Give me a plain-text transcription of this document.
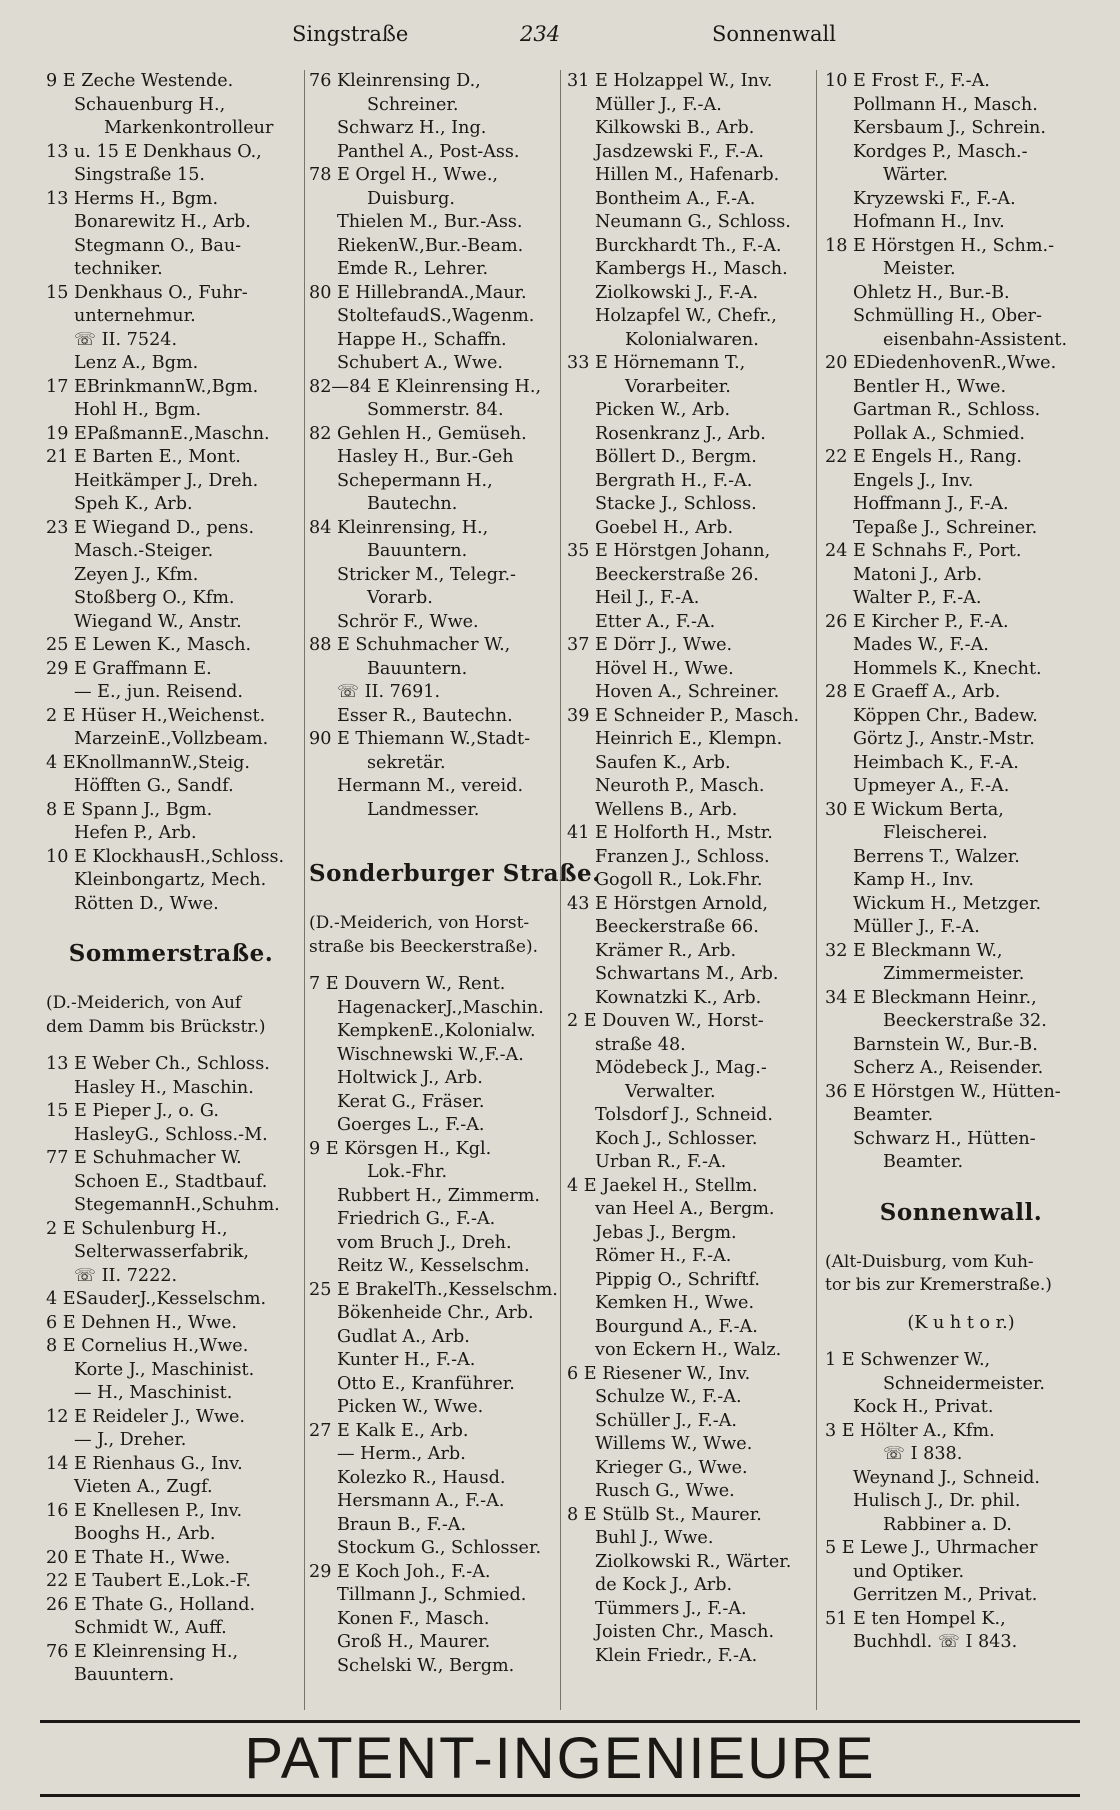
Singstraße	234	Sonnenwall
9 E Zeche Westende.
Schauenburg H.,
Markenkontrolleur
13 u. 15 E Denkhaus O.,
Singstraße 15.
13 Herms H., Bgm.
Bonarewitz H., Arb.
Stegmann O., Bau-
techniker.
15 Denkhaus O., Fuhr-
unternehmur.
☏ II. 7524.
Lenz A., Bgm.
17 EBrinkmannW.,Bgm.
Hohl H., Bgm.
19 EPaßmannE.,Maschn.
21 E Barten E., Mont.
Heitkämper J., Dreh.
Speh K., Arb.
23 E Wiegand D., pens.
Masch.-Steiger.
Zeyen J., Kfm.
Stoßberg O., Kfm.
Wiegand W., Anstr.
25 E Lewen K., Masch.
29 E Graffmann E.
— E., jun. Reisend.
2 E Hüser H.,Weichenst.
MarzeinE.,Vollzbeam.
4 EKnollmannW.,Steig.
Höfften G., Sandf.
8 E Spann J., Bgm.
Hefen P., Arb.
10 E KlockhausH.,Schloss.
Kleinbongartz, Mech.
Rötten D., Wwe.
Sommerstraße.
(D.-Meiderich, von Auf
dem Damm bis Brückstr.)
13 E Weber Ch., Schloss.
Hasley H., Maschin.
15 E Pieper J., o. G.
HasleyG., Schloss.-M.
77 E Schuhmacher W.
Schoen E., Stadtbauf.
StegemannH.,Schuhm.
2 E Schulenburg H.,
Selterwasserfabrik,
☏ II. 7222.
4 ESauderJ.,Kesselschm.
6 E Dehnen H., Wwe.
8 E Cornelius H.,Wwe.
Korte J., Maschinist.
— H., Maschinist.
12 E Reideler J., Wwe.
— J., Dreher.
14 E Rienhaus G., Inv.
Vieten A., Zugf.
16 E Knellesen P., Inv.
Booghs H., Arb.
20 E Thate H., Wwe.
22 E Taubert E.,Lok.-F.
26 E Thate G., Holland.
Schmidt W., Auff.
76 E Kleinrensing H.,
Bauuntern.
76 Kleinrensing D.,
Schreiner.
Schwarz H., Ing.
Panthel A., Post-Ass.
78 E Orgel H., Wwe.,
Duisburg.
Thielen M., Bur.-Ass.
RiekenW.,Bur.-Beam.
Emde R., Lehrer.
80 E HillebrandA.,Maur.
StoltefaudS.,Wagenm.
Happe H., Schaffn.
Schubert A., Wwe.
82—84 E Kleinrensing H.,
Sommerstr. 84.
82 Gehlen H., Gemüseh.
Hasley H., Bur.-Geh
Schepermann H.,
Bautechn.
84 Kleinrensing, H.,
Bauuntern.
Stricker M., Telegr.-
Vorarb.
Schrör F., Wwe.
88 E Schuhmacher W.,
Bauuntern.
☏ II. 7691.
Esser R., Bautechn.
90 E Thiemann W.,Stadt-
sekretär.
Hermann M., vereid.
Landmesser.
Sonderburger Straße.
(D.-Meiderich, von Horst-
straße bis Beeckerstraße).
7 E Douvern W., Rent.
HagenackerJ.,Maschin.
KempkenE.,Kolonialw.
Wischnewski W.,F.-A.
Holtwick J., Arb.
Kerat G., Fräser.
Goerges L., F.-A.
9 E Körsgen H., Kgl.
Lok.-Fhr.
Rubbert H., Zimmerm.
Friedrich G., F.-A.
vom Bruch J., Dreh.
Reitz W., Kesselschm.
25 E BrakelTh.,Kesselschm.
Bökenheide Chr., Arb.
Gudlat A., Arb.
Kunter H., F.-A.
Otto E., Kranführer.
Picken W., Wwe.
27 E Kalk E., Arb.
— Herm., Arb.
Kolezko R., Hausd.
Hersmann A., F.-A.
Braun B., F.-A.
Stockum G., Schlosser.
29 E Koch Joh., F.-A.
Tillmann J., Schmied.
Konen F., Masch.
Groß H., Maurer.
Schelski W., Bergm.
31 E Holzappel W., Inv.
Müller J., F.-A.
Kilkowski B., Arb.
Jasdzewski F., F.-A.
Hillen M., Hafenarb.
Bontheim A., F.-A.
Neumann G., Schloss.
Burckhardt Th., F.-A.
Kambergs H., Masch.
Ziolkowski J., F.-A.
Holzapfel W., Chefr.,
Kolonialwaren.
33 E Hörnemann T.,
Vorarbeiter.
Picken W., Arb.
Rosenkranz J., Arb.
Böllert D., Bergm.
Bergrath H., F.-A.
Stacke J., Schloss.
Goebel H., Arb.
35 E Hörstgen Johann,
Beeckerstraße 26.
Heil J., F.-A.
Etter A., F.-A.
37 E Dörr J., Wwe.
Hövel H., Wwe.
Hoven A., Schreiner.
39 E Schneider P., Masch.
Heinrich E., Klempn.
Saufen K., Arb.
Neuroth P., Masch.
Wellens B., Arb.
41 E Holforth H., Mstr.
Franzen J., Schloss.
Gogoll R., Lok.Fhr.
43 E Hörstgen Arnold,
Beeckerstraße 66.
Krämer R., Arb.
Schwartans M., Arb.
Kownatzki K., Arb.
2 E Douven W., Horst-
straße 48.
Mödebeck J., Mag.-
Verwalter.
Tolsdorf J., Schneid.
Koch J., Schlosser.
Urban R., F.-A.
4 E Jaekel H., Stellm.
van Heel A., Bergm.
Jebas J., Bergm.
Römer H., F.-A.
Pippig O., Schriftf.
Kemken H., Wwe.
Bourgund A., F.-A.
von Eckern H., Walz.
6 E Riesener W., Inv.
Schulze W., F.-A.
Schüller J., F.-A.
Willems W., Wwe.
Krieger G., Wwe.
Rusch G., Wwe.
8 E Stülb St., Maurer.
Buhl J., Wwe.
Ziolkowski R., Wärter.
de Kock J., Arb.
Tümmers J., F.-A.
Joisten Chr., Masch.
Klein Friedr., F.-A.
10 E Frost F., F.-A.
Pollmann H., Masch.
Kersbaum J., Schrein.
Kordges P., Masch.-
Wärter.
Kryzewski F., F.-A.
Hofmann H., Inv.
18 E Hörstgen H., Schm.-
Meister.
Ohletz H., Bur.-B.
Schmülling H., Ober-
eisenbahn-Assistent.
20 EDiedenhovenR.,Wwe.
Bentler H., Wwe.
Gartman R., Schloss.
Pollak A., Schmied.
22 E Engels H., Rang.
Engels J., Inv.
Hoffmann J., F.-A.
Tepaße J., Schreiner.
24 E Schnahs F., Port.
Matoni J., Arb.
Walter P., F.-A.
26 E Kircher P., F.-A.
Mades W., F.-A.
Hommels K., Knecht.
28 E Graeff A., Arb.
Köppen Chr., Badew.
Görtz J., Anstr.-Mstr.
Heimbach K., F.-A.
Upmeyer A., F.-A.
30 E Wickum Berta,
Fleischerei.
Berrens T., Walzer.
Kamp H., Inv.
Wickum H., Metzger.
Müller J., F.-A.
32 E Bleckmann W.,
Zimmermeister.
34 E Bleckmann Heinr.,
Beeckerstraße 32.
Barnstein W., Bur.-B.
Scherz A., Reisender.
36 E Hörstgen W., Hütten-
Beamter.
Schwarz H., Hütten-
Beamter.
Sonnenwall.
(Alt-Duisburg, vom Kuh-
tor bis zur Kremerstraße.)
(K u h t o r.)
1 E Schwenzer W.,
Schneidermeister.
Kock H., Privat.
3 E Hölter A., Kfm.
☏ I 838.
Weynand J., Schneid.
Hulisch J., Dr. phil.
Rabbiner a. D.
5 E Lewe J., Uhrmacher
und Optiker.
Gerritzen M., Privat.
51 E ten Hompel K.,
Buchhdl. ☏ I 843.
PATENT-INGENIEURE
